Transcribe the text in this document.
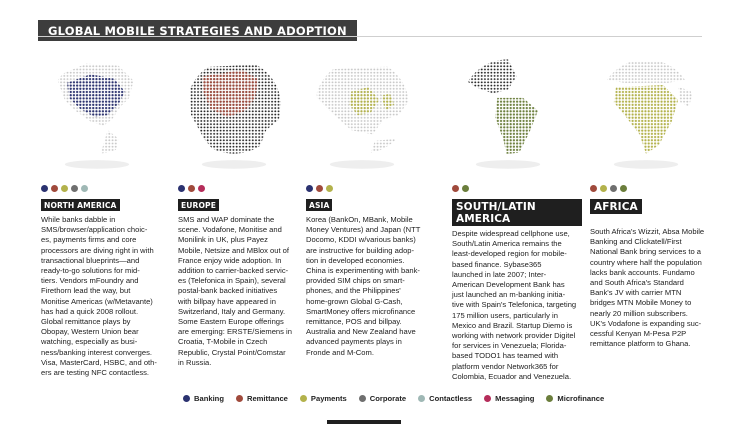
GLOBAL MOBILE STRATEGIES AND ADOPTION
NORTH AMERICA
While banks dabble in
SMS/browser/application choic-
es, payments firms and core
processors are diving right in with
transactional blueprints—and
ready-to-go solutions for mid-
tiers. Vendors mFoundry and
Firethorn lead the way, but
Monitise Americas (w/Metavante)
has had a quick 2008 rollout.
Global remittance plays by
Obopay, Western Union bear
watching, especially as busi-
ness/banking interest converges.
Visa, MasterCard, HSBC, and oth-
ers are testing NFC contactless.
EUROPE
SMS and WAP dominate the
scene. Vodafone, Monitise and
Monilink in UK, plus Payez
Mobile, Netsize and MBlox out of
France enjoy wide adoption. In
addition to carrier-backed servic-
es (Telefonica in Spain), several
postal-bank backed initiatives
with billpay have appeared in
Switzerland, Italy and Germany.
Some Eastern Europe offerings
are emerging: ERSTE/Siemens in
Croatia, T-Mobile in Czech
Republic, Crystal Point/Comstar
in Russia.
ASIA
Korea (BankOn, MBank, Mobile
Money Ventures) and Japan (NTT
Docomo, KDDI w/various banks)
are instructive for building adop-
tion in developed economies.
China is experimenting with bank-
provided SIM chips on smart-
phones, and the Philippines'
home-grown Global G-Cash,
SmartMoney offers microfinance
remittance, POS and billpay.
Australia and New Zealand have
advanced payments plays in
Fronde and M-Com.
SOUTH/LATIN AMERICA
Despite widespread cellphone use,
South/Latin America remains the
least-developed region for mobile-
based finance. Sybase365
launched in late 2007; Inter-
American Development Bank has
just launched an m-banking initia-
tive with Spain's Telefonica, targeting
175 million users, particularly in
Mexico and Brazil. Startup Diemo is
working with network provider Digitel
for services in Venezuela; Florida-
based TODO1 has teamed with
platform vendor Network365 for
Colombia, Ecuador and Venezuela.
AFRICA
South Africa's Wizzit, Absa Mobile
Banking and Clickatell/First
National Bank bring services to a
country where half the population
lacks bank accounts. Fundamo
and South Africa's Standard
Bank's JV with carrier MTN
bridges MTN Mobile Money to
nearly 20 million subscribers.
UK's Vodafone is expanding suc-
cessful Kenyan M-Pesa P2P
remittance platform to Ghana.
Banking	Remittance	Payments	Corporate	Contactless	Messaging	Microfinance
